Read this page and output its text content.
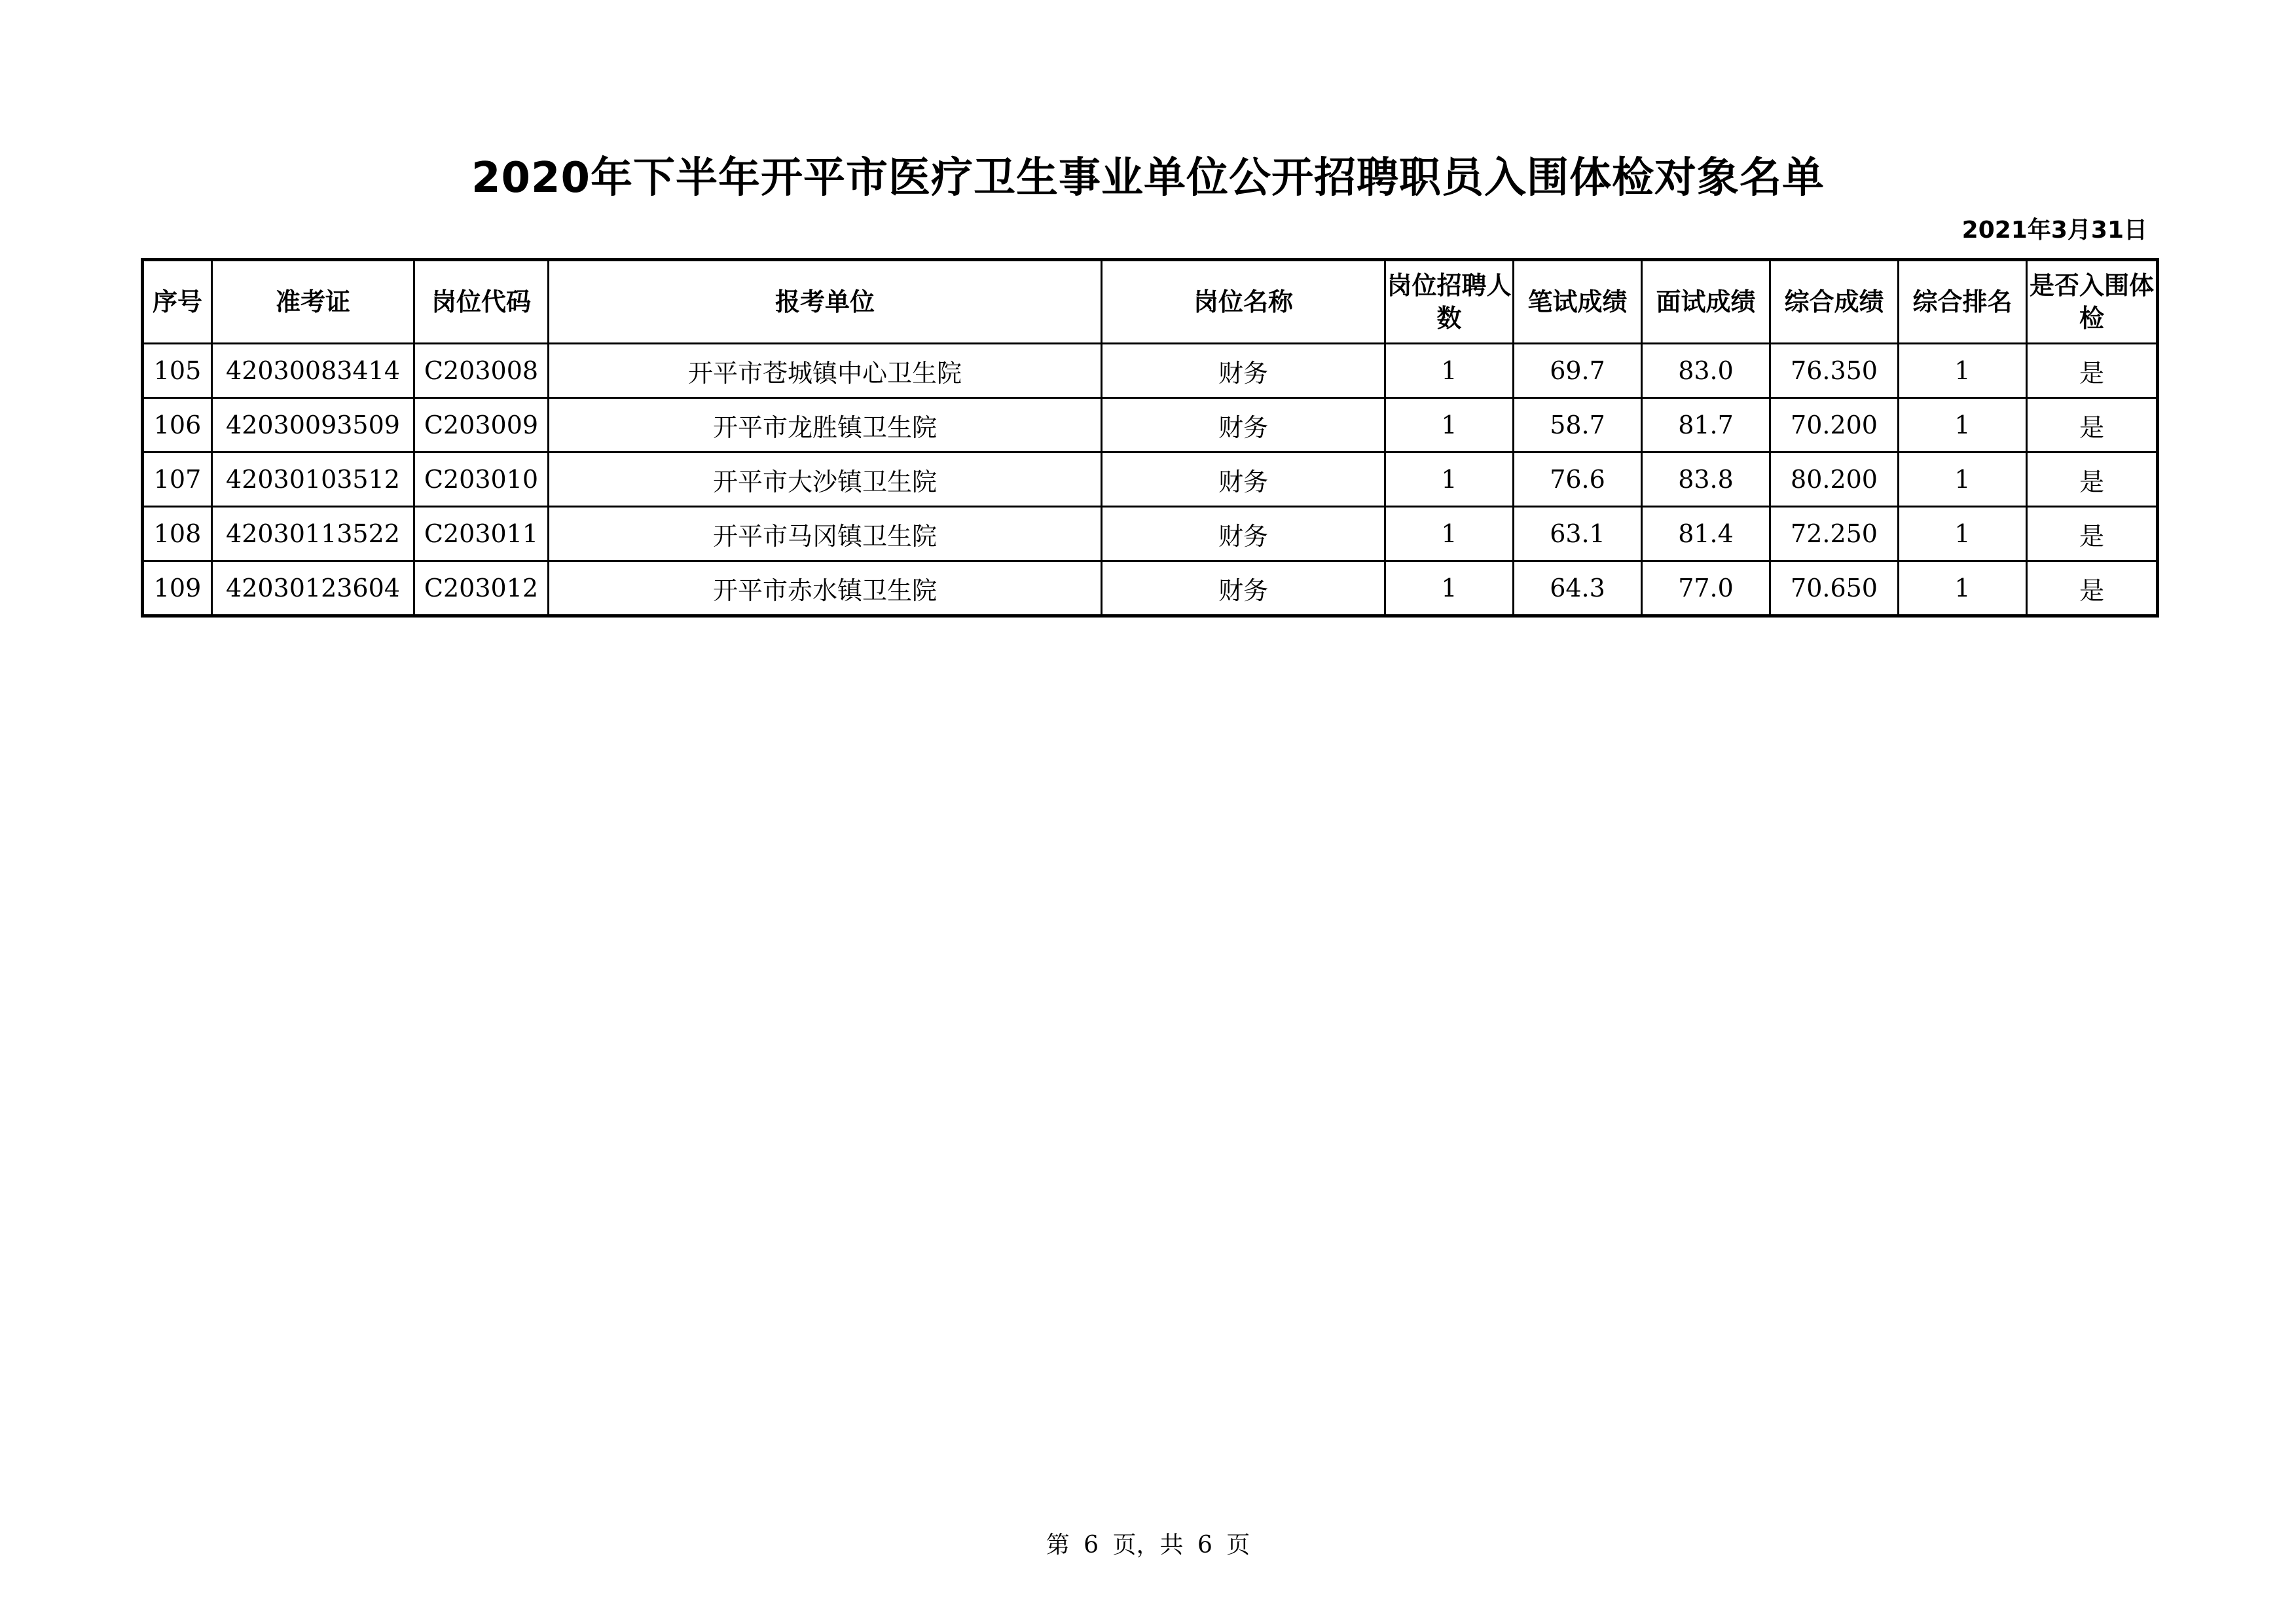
2020年下半年开平市医疗卫生事业单位公开招聘职员入围体检对象名单
2021年3月31日
序号	准考证	岗位代码	报考单位	岗位名称	岗位招聘人数	笔试成绩	面试成绩	综合成绩	综合排名	是否入围体检
105	42030083414	C203008	开平市苍城镇中心卫生院	财务	1	69.7	83.0	76.350	1	是
106	42030093509	C203009	开平市龙胜镇卫生院	财务	1	58.7	81.7	70.200	1	是
107	42030103512	C203010	开平市大沙镇卫生院	财务	1	76.6	83.8	80.200	1	是
108	42030113522	C203011	开平市马冈镇卫生院	财务	1	63.1	81.4	72.250	1	是
109	42030123604	C203012	开平市赤水镇卫生院	财务	1	64.3	77.0	70.650	1	是
第 6 页，共 6 页
